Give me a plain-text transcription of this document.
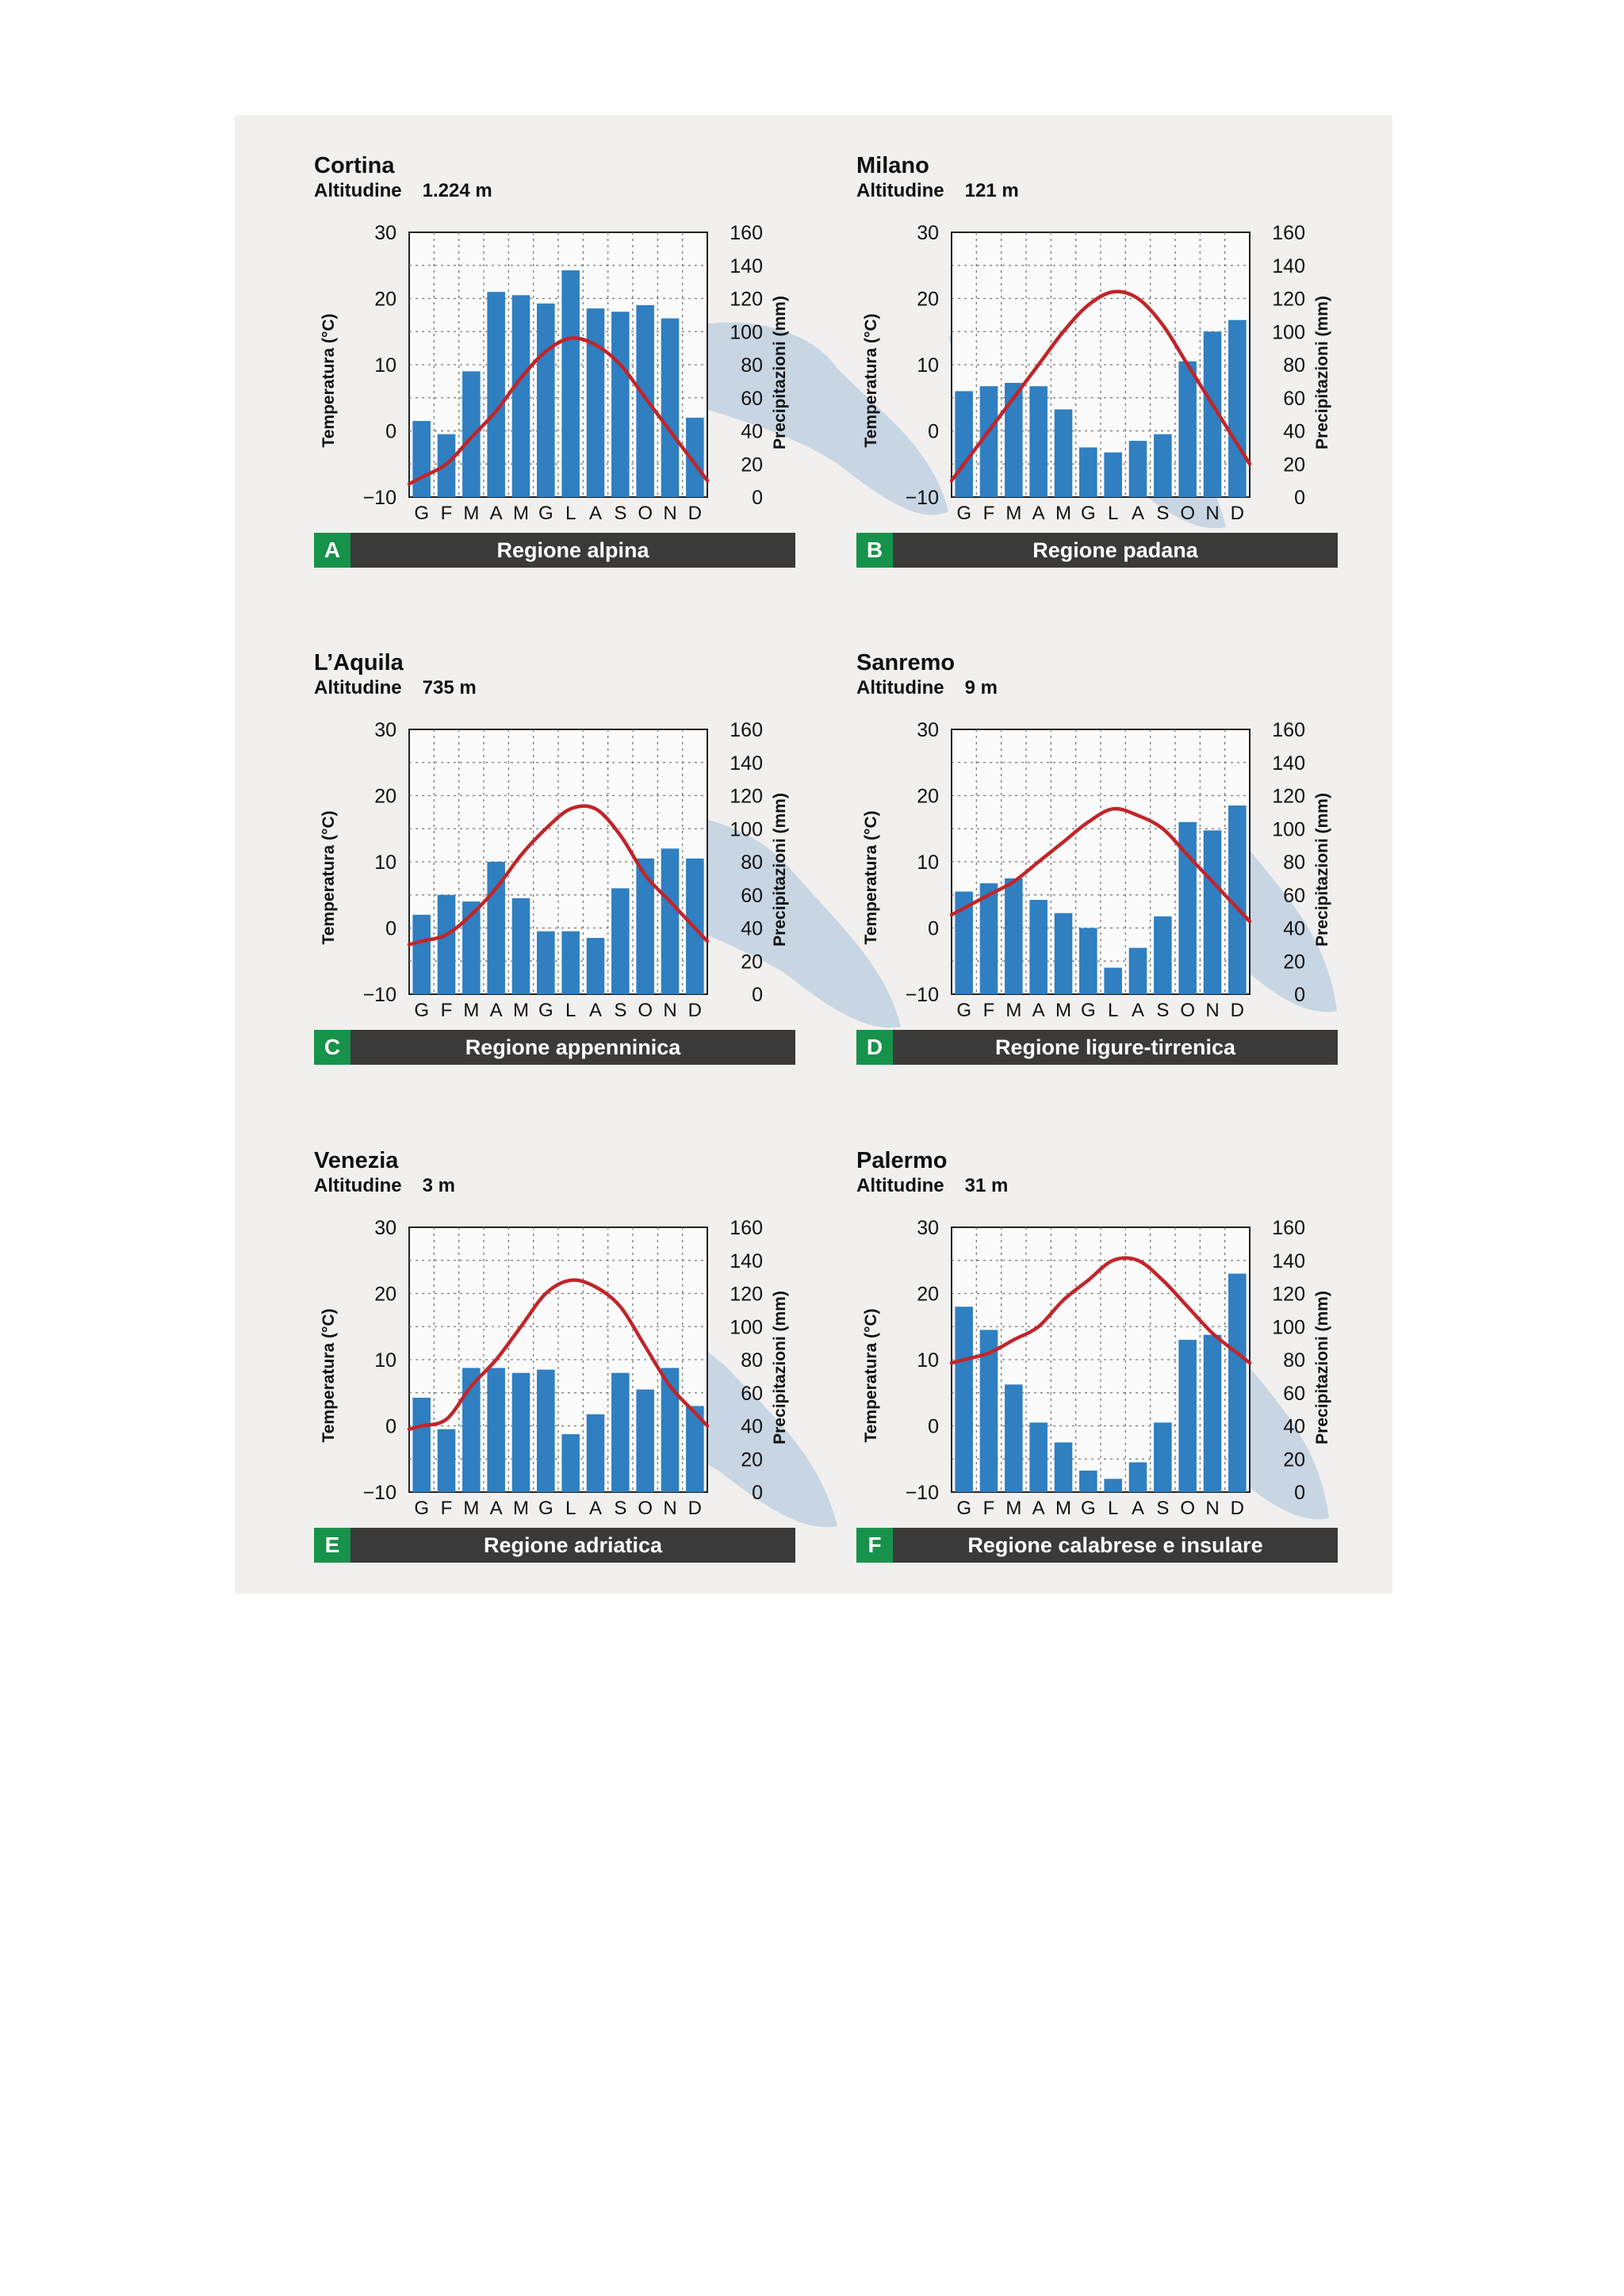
Cortina
Altitudine 1.224 m
30
20
10
0
−10
160
140
120
100
80
60
40
20
0
G F M A M G L A S O N D
Temperatura (°C)	Precipitazioni (mm)
A	Regione alpina
Milano
Altitudine 121 m
30
20
10
0
−10
160
140
120
100
80
60
40
20
0
G F M A M G L A S O N D
Temperatura (°C)	Precipitazioni (mm)
B	Regione padana
L’Aquila
Altitudine 735 m
30
20
10
0
−10
160
140
120
100
80
60
40
20
0
G F M A M G L A S O N D
Temperatura (°C)	Precipitazioni (mm)
C	Regione appenninica
Sanremo
Altitudine 9 m
30
20
10
0
−10
160
140
120
100
80
60
40
20
0
G F M A M G L A S O N D
Temperatura (°C)	Precipitazioni (mm)
D	Regione ligure-tirrenica
Venezia
Altitudine 3 m
30
20
10
0
−10
160
140
120
100
80
60
40
20
0
G F M A M G L A S O N D
Temperatura (°C)	Precipitazioni (mm)
E	Regione adriatica
Palermo
Altitudine 31 m
30
20
10
0
−10
160
140
120
100
80
60
40
20
0
G F M A M G L A S O N D
Temperatura (°C)	Precipitazioni (mm)
F	Regione calabrese e insulare
